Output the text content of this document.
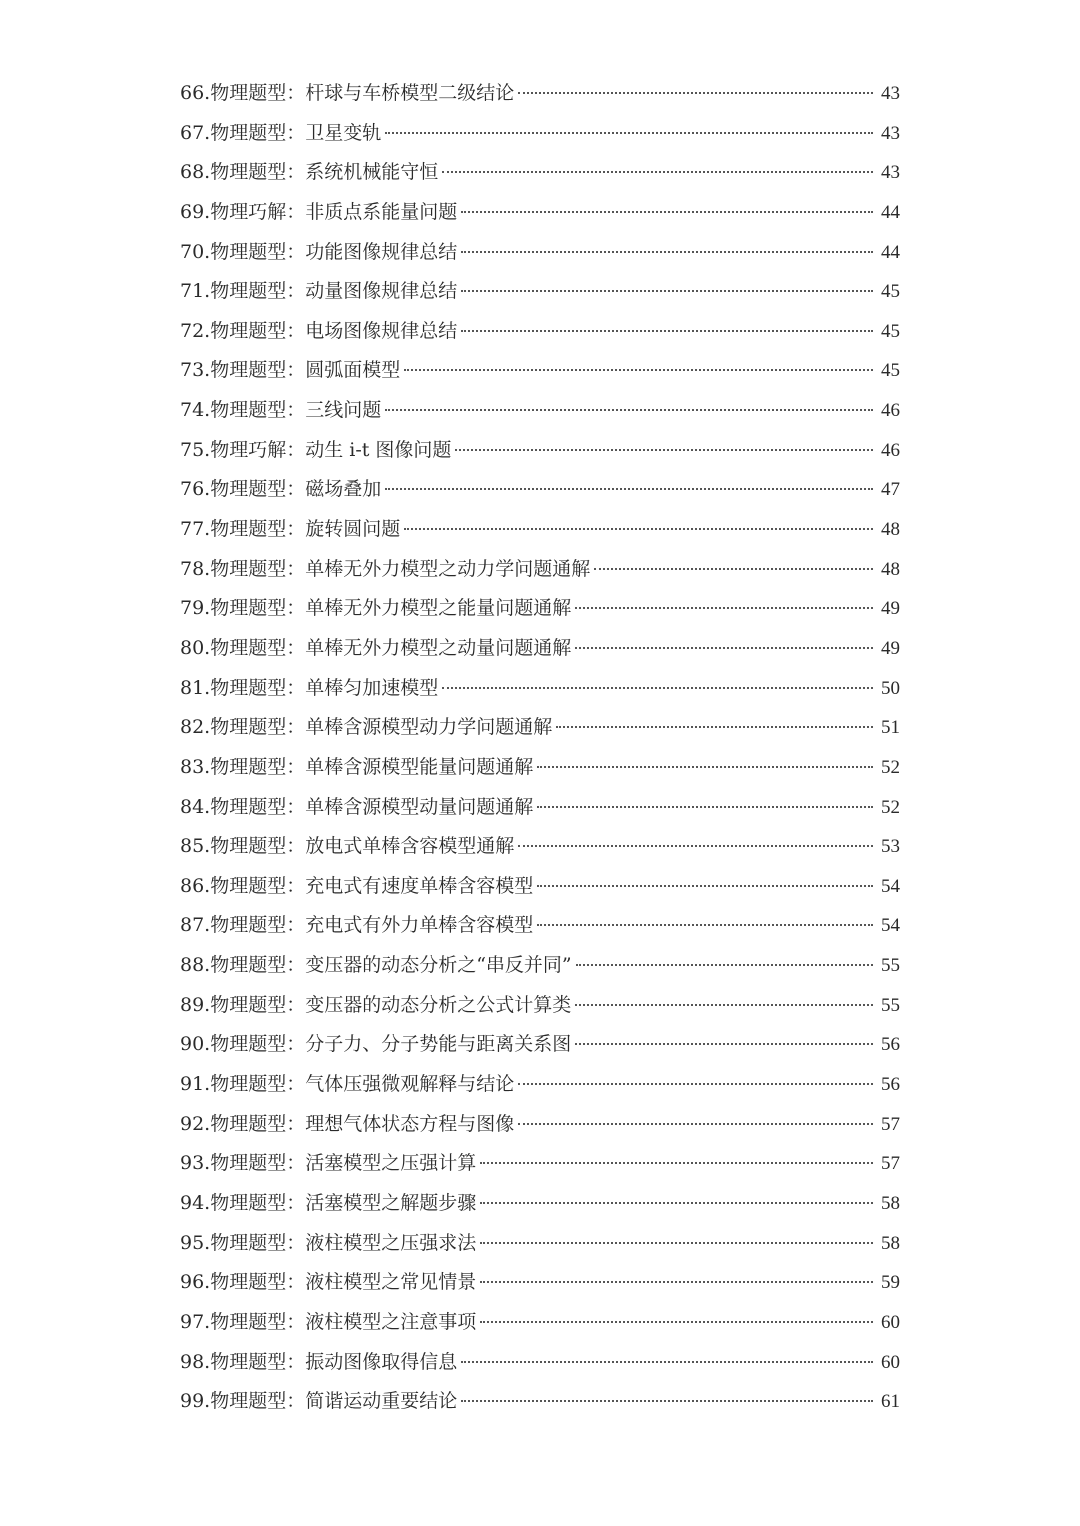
66.物理题型：杆球与车桥模型二级结论	43
67.物理题型：卫星变轨	43
68.物理题型：系统机械能守恒	43
69.物理巧解：非质点系能量问题	44
70.物理题型：功能图像规律总结	44
71.物理题型：动量图像规律总结	45
72.物理题型：电场图像规律总结	45
73.物理题型：圆弧面模型	45
74.物理题型：三线问题	46
75.物理巧解：动生 i-t 图像问题	46
76.物理题型：磁场叠加	47
77.物理题型：旋转圆问题	48
78.物理题型：单棒无外力模型之动力学问题通解	48
79.物理题型：单棒无外力模型之能量问题通解	49
80.物理题型：单棒无外力模型之动量问题通解	49
81.物理题型：单棒匀加速模型	50
82.物理题型：单棒含源模型动力学问题通解	51
83.物理题型：单棒含源模型能量问题通解	52
84.物理题型：单棒含源模型动量问题通解	52
85.物理题型：放电式单棒含容模型通解	53
86.物理题型：充电式有速度单棒含容模型	54
87.物理题型：充电式有外力单棒含容模型	54
88.物理题型：变压器的动态分析之“串反并同”	55
89.物理题型：变压器的动态分析之公式计算类	55
90.物理题型：分子力、分子势能与距离关系图	56
91.物理题型：气体压强微观解释与结论	56
92.物理题型：理想气体状态方程与图像	57
93.物理题型：活塞模型之压强计算	57
94.物理题型：活塞模型之解题步骤	58
95.物理题型：液柱模型之压强求法	58
96.物理题型：液柱模型之常见情景	59
97.物理题型：液柱模型之注意事项	60
98.物理题型：振动图像取得信息	60
99.物理题型：简谐运动重要结论	61
